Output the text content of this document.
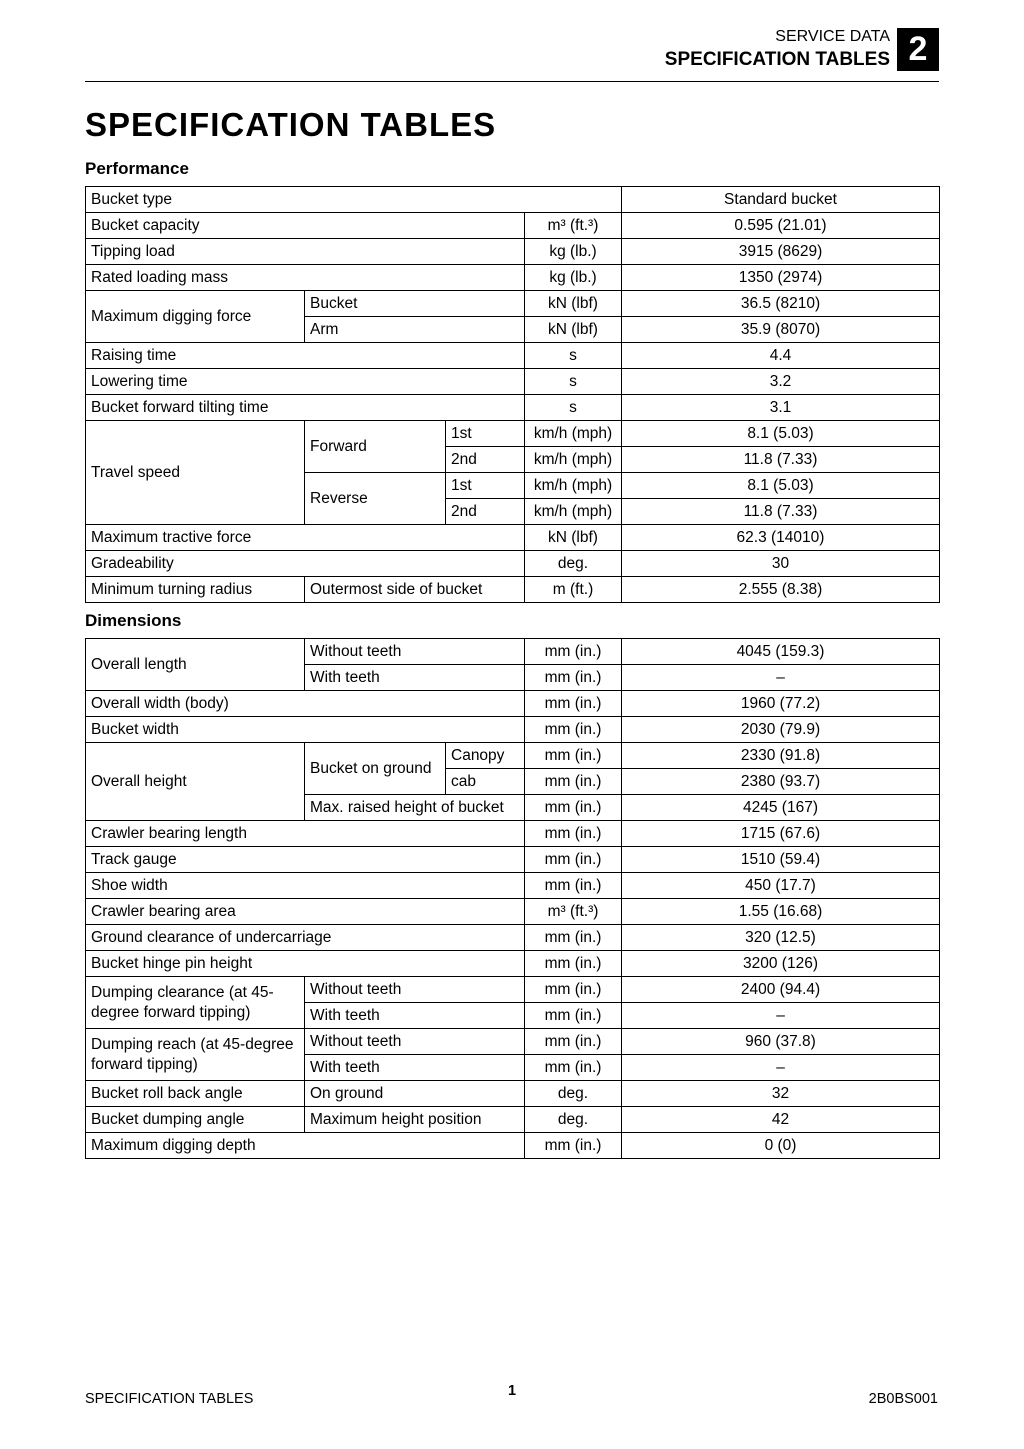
SERVICE DATA
SPECIFICATION TABLES 2
SPECIFICATION TABLES
Performance
Bucket type				Standard bucket
Bucket capacity			m³ (ft.³)	0.595 (21.01)
Tipping load			kg (lb.)	3915 (8629)
Rated loading mass			kg (lb.)	1350 (2974)
Maximum digging force	Bucket		kN (lbf)	36.5 (8210)
	Arm		kN (lbf)	35.9 (8070)
Raising time			s	4.4
Lowering time			s	3.2
Bucket forward tilting time			s	3.1
Travel speed	Forward	1st	km/h (mph)	8.1 (5.03)
		2nd	km/h (mph)	11.8 (7.33)
	Reverse	1st	km/h (mph)	8.1 (5.03)
		2nd	km/h (mph)	11.8 (7.33)
Maximum tractive force			kN (lbf)	62.3 (14010)
Gradeability			deg.	30
Minimum turning radius	Outermost side of bucket		m (ft.)	2.555 (8.38)
Dimensions
Overall length	Without teeth		mm (in.)	4045 (159.3)
	With teeth		mm (in.)	–
Overall width (body)			mm (in.)	1960 (77.2)
Bucket width			mm (in.)	2030 (79.9)
Overall height	Bucket on ground	Canopy	mm (in.)	2330 (91.8)
		cab	mm (in.)	2380 (93.7)
	Max. raised height of bucket		mm (in.)	4245 (167)
Crawler bearing length			mm (in.)	1715 (67.6)
Track gauge			mm (in.)	1510 (59.4)
Shoe width			mm (in.)	450 (17.7)
Crawler bearing area			m³ (ft.³)	1.55 (16.68)
Ground clearance of undercarriage			mm (in.)	320 (12.5)
Bucket hinge pin height			mm (in.)	3200 (126)
Dumping clearance (at 45-degree forward tipping)	Without teeth		mm (in.)	2400 (94.4)
	With teeth		mm (in.)	–
Dumping reach (at 45-degree forward tipping)	Without teeth		mm (in.)	960 (37.8)
	With teeth		mm (in.)	–
Bucket roll back angle	On ground		deg.	32
Bucket dumping angle	Maximum height position		deg.	42
Maximum digging depth			mm (in.)	0 (0)
SPECIFICATION TABLES	1	2B0BS001
